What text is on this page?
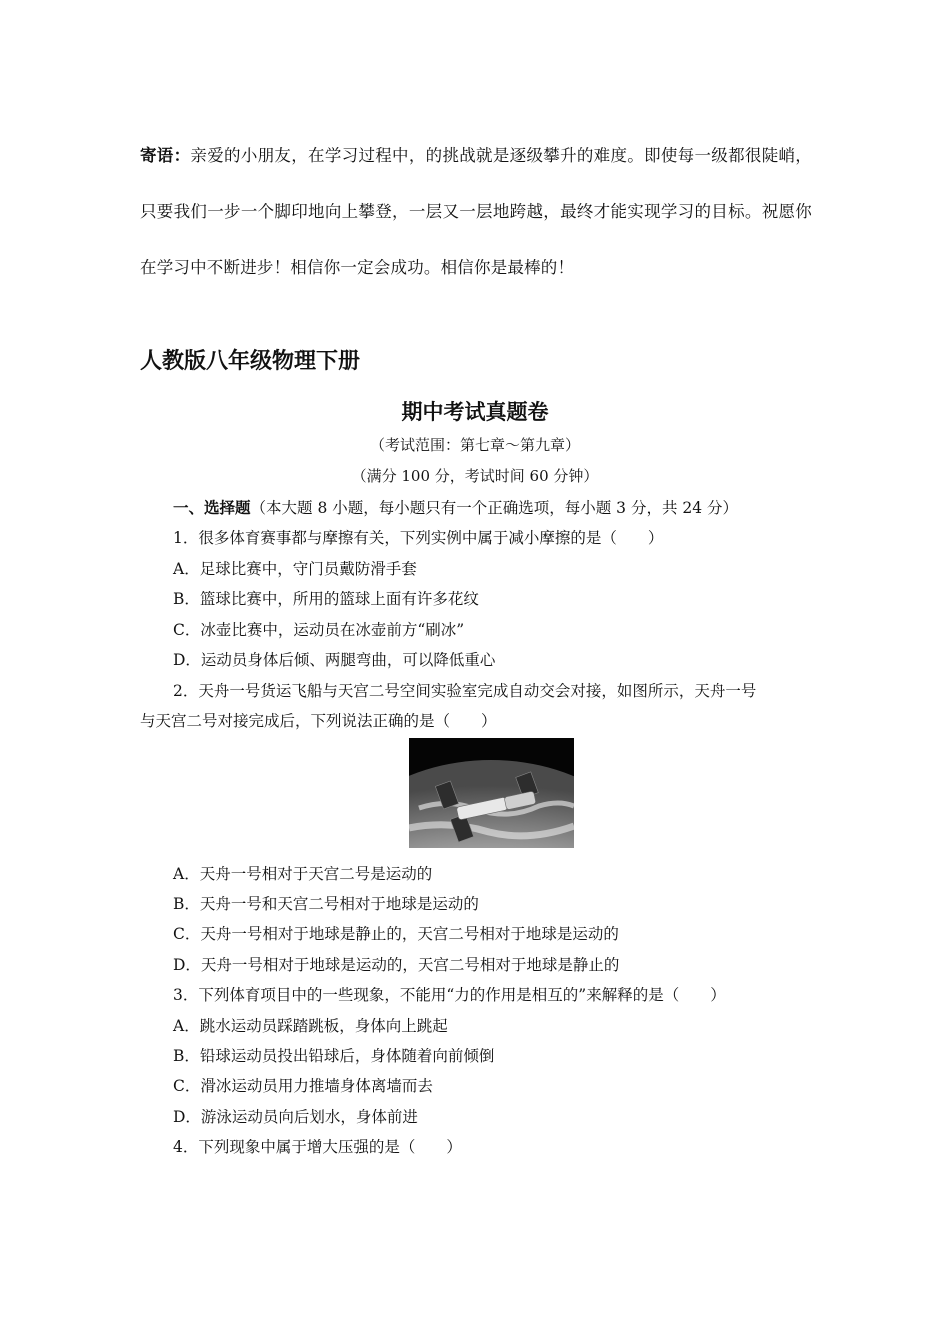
寄语：亲爱的小朋友，在学习过程中，的挑战就是逐级攀升的难度。即使每一级都很陡峭，只要我们一步一个脚印地向上攀登，一层又一层地跨越，最终才能实现学习的目标。祝愿你在学习中不断进步！相信你一定会成功。相信你是最棒的！
人教版八年级物理下册
期中考试真题卷
（考试范围：第七章～第九章）
（满分 100 分，考试时间 60 分钟）
一、选择题（本大题 8 小题，每小题只有一个正确选项，每小题 3 分，共 24 分）
1．很多体育赛事都与摩擦有关，下列实例中属于减小摩擦的是（　　）
A．足球比赛中，守门员戴防滑手套
B．篮球比赛中，所用的篮球上面有许多花纹
C．冰壶比赛中，运动员在冰壶前方“刷冰”
D．运动员身体后倾、两腿弯曲，可以降低重心
2．天舟一号货运飞船与天宫二号空间实验室完成自动交会对接，如图所示，天舟一号
与天宫二号对接完成后，下列说法正确的是（　　）
A．天舟一号相对于天宫二号是运动的
B．天舟一号和天宫二号相对于地球是运动的
C．天舟一号相对于地球是静止的，天宫二号相对于地球是运动的
D．天舟一号相对于地球是运动的，天宫二号相对于地球是静止的
3．下列体育项目中的一些现象，不能用“力的作用是相互的”来解释的是（　　）
A．跳水运动员踩踏跳板，身体向上跳起
B．铅球运动员投出铅球后，身体随着向前倾倒
C．滑冰运动员用力推墙身体离墙而去
D．游泳运动员向后划水，身体前进
4．下列现象中属于增大压强的是（　　）
